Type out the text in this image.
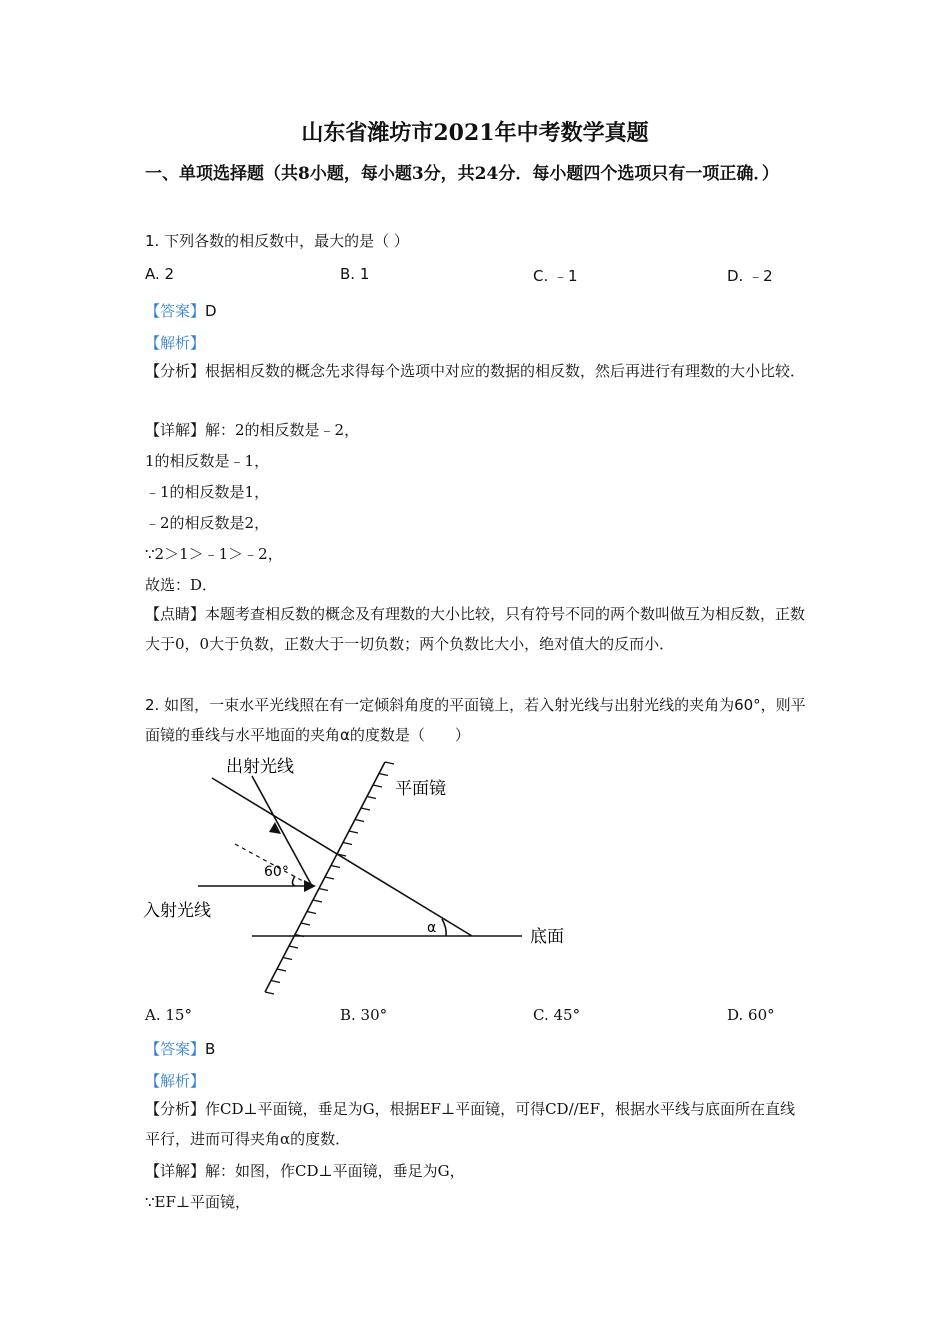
山东省潍坊市2021年中考数学真题
一、单项选择题（共8小题，每小题3分，共24分．每小题四个选项只有一项正确．）
1. 下列各数的相反数中，最大的是（ ）
A. 2	B. 1	C. ﹣1	D. ﹣2
【答案】D
【解析】
【分析】根据相反数的概念先求得每个选项中对应的数据的相反数，然后再进行有理数的大小比较．
【详解】解：2的相反数是﹣2，
1的相反数是﹣1，
﹣1的相反数是1，
﹣2的相反数是2，
∵2＞1＞﹣1＞﹣2，
故选：D．
【点睛】本题考查相反数的概念及有理数的大小比较，只有符号不同的两个数叫做互为相反数，正数大于0，0大于负数，正数大于一切负数；两个负数比大小，绝对值大的反而小．
2. 如图，一束水平光线照在有一定倾斜角度的平面镜上，若入射光线与出射光线的夹角为60°，则平面镜的垂线与水平地面的夹角α的度数是（　　）
出射光线
平面镜
入射光线
底面
60°
α
A. 15°	B. 30°	C. 45°	D. 60°
【答案】B
【解析】
【分析】作CD⊥平面镜，垂足为G，根据EF⊥平面镜，可得CD//EF，根据水平线与底面所在直线平行，进而可得夹角α的度数．
【详解】解：如图，作CD⊥平面镜，垂足为G，
∵EF⊥平面镜，
